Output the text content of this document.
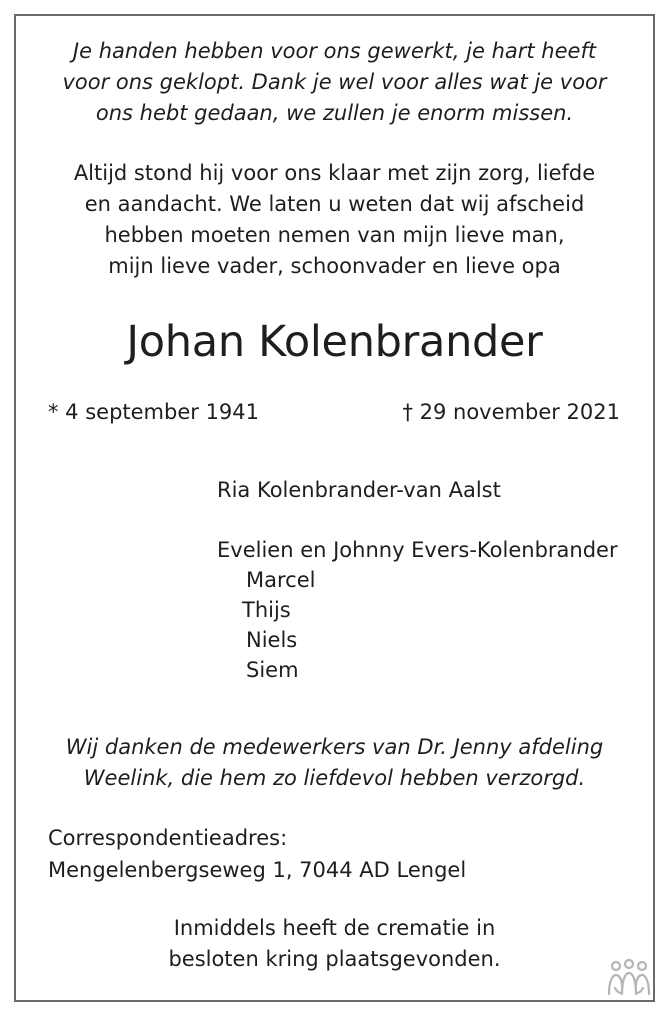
Je handen hebben voor ons gewerkt, je hart heeft
voor ons geklopt. Dank je wel voor alles wat je voor
ons hebt gedaan, we zullen je enorm missen.
Altijd stond hij voor ons klaar met zijn zorg, liefde
en aandacht. We laten u weten dat wij afscheid
hebben moeten nemen van mijn lieve man,
mijn lieve vader, schoonvader en lieve opa
Johan Kolenbrander
* 4 september 1941	† 29 november 2021
Ria Kolenbrander-van Aalst
Evelien en Johnny Evers-Kolenbrander
Marcel
Thijs
Niels
Siem
Wij danken de medewerkers van Dr. Jenny afdeling
Weelink, die hem zo liefdevol hebben verzorgd.
Correspondentieadres:
Mengelenbergseweg 1, 7044 AD Lengel
Inmiddels heeft de crematie in
besloten kring plaatsgevonden.
